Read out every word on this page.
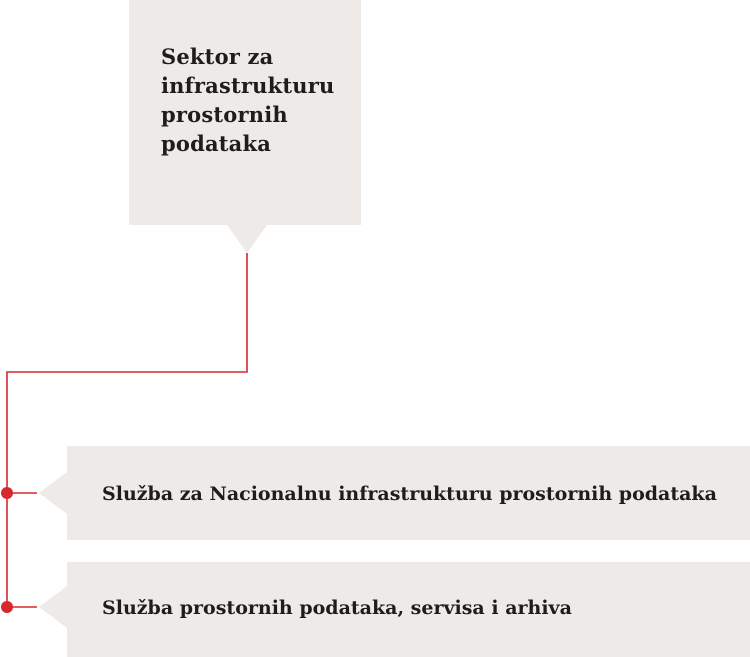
Sektor za infrastrukturu prostornih podataka
Služba za Nacionalnu infrastrukturu prostornih podataka
Služba prostornih podataka, servisa i arhiva
